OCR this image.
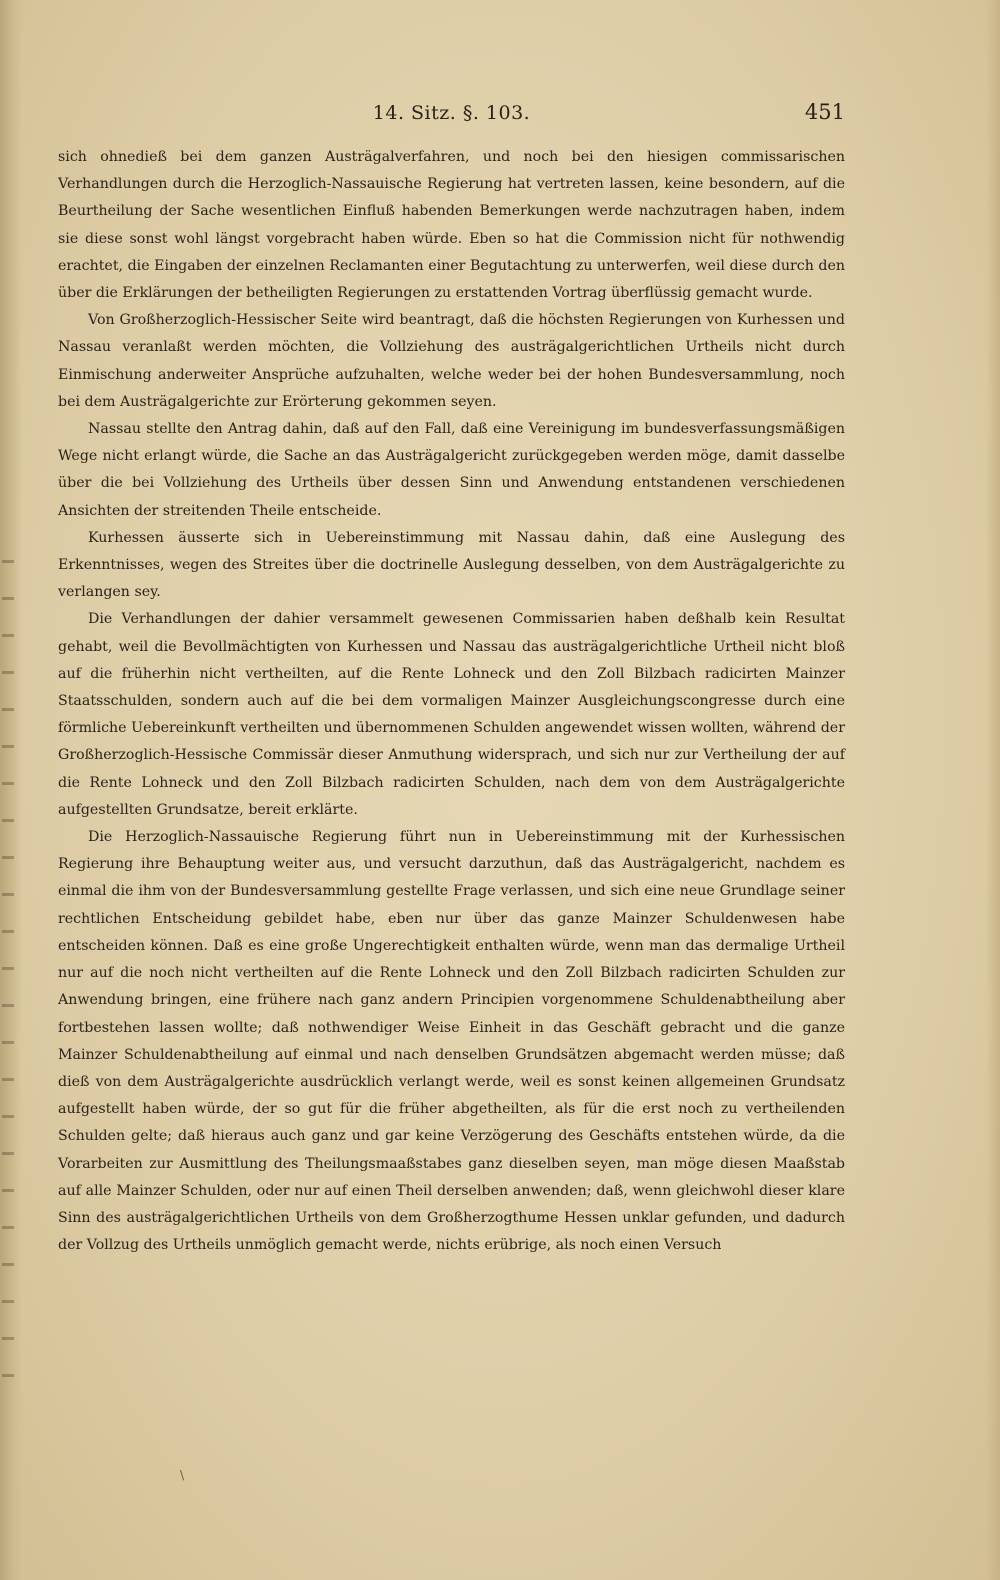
14. Sitz. §. 103.	451

sich ohnedieß bei dem ganzen Austrägalverfahren, und noch bei den hiesigen commissarischen Verhandlungen durch die Herzoglich-Nassauische Regierung hat vertreten lassen, keine besondern, auf die Beurtheilung der Sache wesentlichen Einfluß habenden Bemerkungen werde nachzutragen haben, indem sie diese sonst wohl längst vorgebracht haben würde. Eben so hat die Commission nicht für nothwendig erachtet, die Eingaben der einzelnen Reclamanten einer Begutachtung zu unterwerfen, weil diese durch den über die Erklärungen der betheiligten Regierungen zu erstattenden Vortrag überflüssig gemacht wurde.

Von Großherzoglich-Hessischer Seite wird beantragt, daß die höchsten Regierungen von Kurhessen und Nassau veranlaßt werden möchten, die Vollziehung des austrägalgerichtlichen Urtheils nicht durch Einmischung anderweiter Ansprüche aufzuhalten, welche weder bei der hohen Bundesversammlung, noch bei dem Austrägalgerichte zur Erörterung gekommen seyen.

Nassau stellte den Antrag dahin, daß auf den Fall, daß eine Vereinigung im bundesverfassungsmäßigen Wege nicht erlangt würde, die Sache an das Austrägalgericht zurückgegeben werden möge, damit dasselbe über die bei Vollziehung des Urtheils über dessen Sinn und Anwendung entstandenen verschiedenen Ansichten der streitenden Theile entscheide.

Kurhessen äusserte sich in Uebereinstimmung mit Nassau dahin, daß eine Auslegung des Erkenntnisses, wegen des Streites über die doctrinelle Auslegung desselben, von dem Austrägalgerichte zu verlangen sey.

Die Verhandlungen der dahier versammelt gewesenen Commissarien haben deßhalb kein Resultat gehabt, weil die Bevollmächtigten von Kurhessen und Nassau das austrägalgerichtliche Urtheil nicht bloß auf die früherhin nicht vertheilten, auf die Rente Lohneck und den Zoll Bilzbach radicirten Mainzer Staatsschulden, sondern auch auf die bei dem vormaligen Mainzer Ausgleichungscongresse durch eine förmliche Uebereinkunft vertheilten und übernommenen Schulden angewendet wissen wollten, während der Großherzoglich-Hessische Commissär dieser Anmuthung widersprach, und sich nur zur Vertheilung der auf die Rente Lohneck und den Zoll Bilzbach radicirten Schulden, nach dem von dem Austrägalgerichte aufgestellten Grundsatze, bereit erklärte.

Die Herzoglich-Nassauische Regierung führt nun in Uebereinstimmung mit der Kurhessischen Regierung ihre Behauptung weiter aus, und versucht darzuthun, daß das Austrägalgericht, nachdem es einmal die ihm von der Bundesversammlung gestellte Frage verlassen, und sich eine neue Grundlage seiner rechtlichen Entscheidung gebildet habe, eben nur über das ganze Mainzer Schuldenwesen habe entscheiden können. Daß es eine große Ungerechtigkeit enthalten würde, wenn man das dermalige Urtheil nur auf die noch nicht vertheilten auf die Rente Lohneck und den Zoll Bilzbach radicirten Schulden zur Anwendung bringen, eine frühere nach ganz andern Principien vorgenommene Schuldenabtheilung aber fortbestehen lassen wollte; daß nothwendiger Weise Einheit in das Geschäft gebracht und die ganze Mainzer Schuldenabtheilung auf einmal und nach denselben Grundsätzen abgemacht werden müsse; daß dieß von dem Austrägalgerichte ausdrücklich verlangt werde, weil es sonst keinen allgemeinen Grundsatz aufgestellt haben würde, der so gut für die früher abgetheilten, als für die erst noch zu vertheilenden Schulden gelte; daß hieraus auch ganz und gar keine Verzögerung des Geschäfts entstehen würde, da die Vorarbeiten zur Ausmittlung des Theilungsmaaßstabes ganz dieselben seyen, man möge diesen Maaßstab auf alle Mainzer Schulden, oder nur auf einen Theil derselben anwenden; daß, wenn gleichwohl dieser klare Sinn des austrägalgerichtlichen Urtheils von dem Großherzogthume Hessen unklar gefunden, und dadurch der Vollzug des Urtheils unmöglich gemacht werde, nichts erübrige, als noch einen Versuch

\
